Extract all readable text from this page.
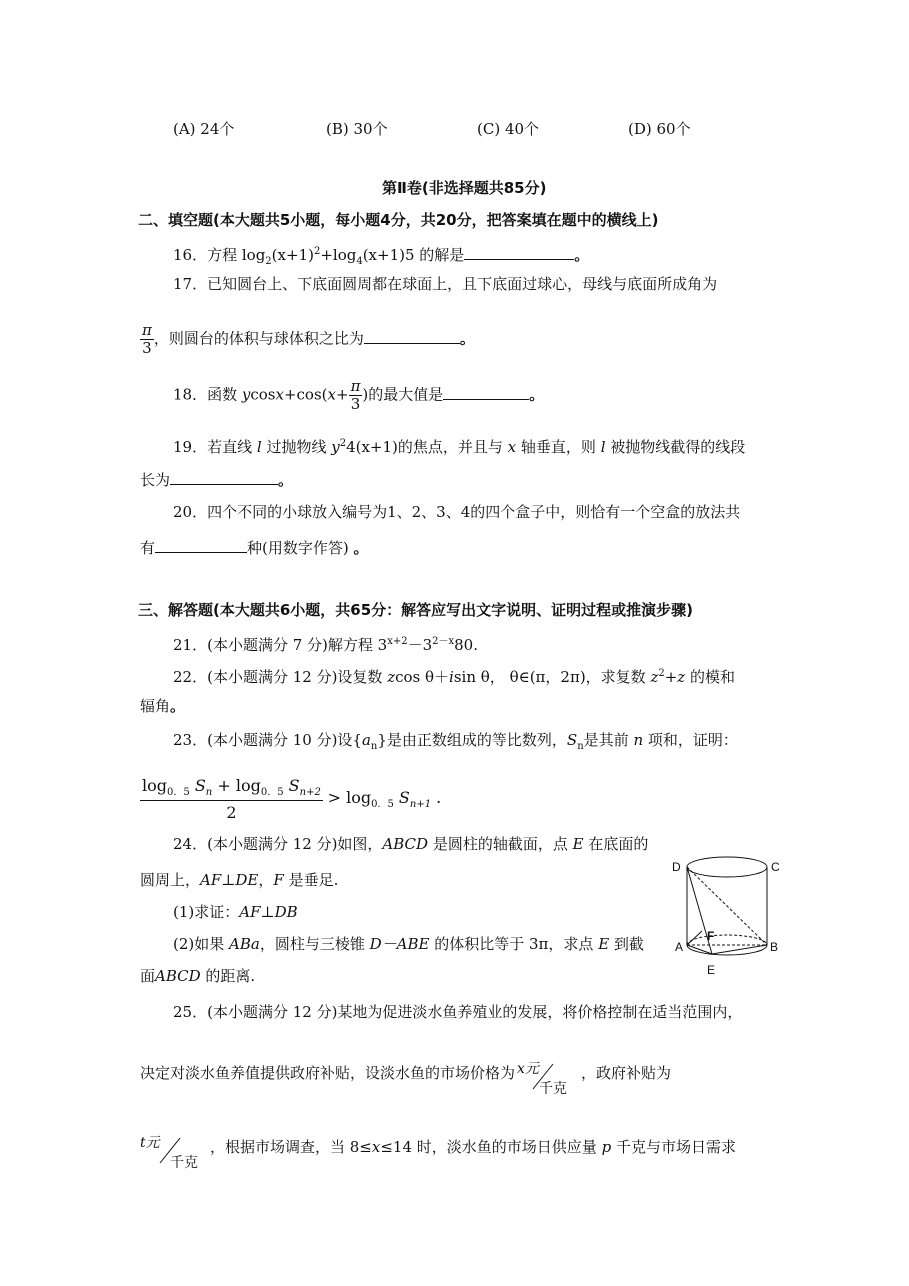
(A) 24个	(B) 30个	(C) 40个	(D) 60个
第Ⅱ卷(非选择题共85分)
二、填空题(本大题共5小题，每小题4分，共20分，把答案填在题中的横线上)
16．方程 $\log_2(x+1)^2+\log_4(x+1)5$ 的解是	。
17．已知圆台上、下底面圆周都在球面上，且下底面过球心，母线与底面所成角为
$\frac{\pi}{3}$ ，则圆台的体积与球体积之比为	。
18．函数 $ycosx+\cos(x+ \frac{\pi}{3}$ )的最大值是	。
19．若直线 l 过抛物线 $y^24(x+1)$的焦点，并且与 x 轴垂直，则 l 被抛物线截得的线段
长为	。
20．四个不同的小球放入编号为1、2、3、4的四个盒子中，则恰有一个空盒的放法共
有	种(用数字作答) 。
三、解答题(本大题共6小题，共65分：解答应写出文字说明、证明过程或推演步骤)
21．(本小题满分 7 分)解方程 $3^{x+2}-3^{2-x}80$.
22．(本小题满分 12 分)设复数 zcos θ＋isin θ， θ∈(π，2π)，求复数 $z^2+z$ 的模和
辐角。
23．(本小题满分 10 分)设$\{a_n\}$是由正数组成的等比数列，$S_n$是其前 n 项和，证明：
$\frac{\log_{0.5} S_n + \log_{0.5} S_{n+2}}{2} > \log_{0.5} S_{n+1}$ .
24．(本小题满分 12 分)如图，ABCD 是圆柱的轴截面，点 E 在底面的
圆周上，AF⊥DE，F 是垂足.
(1)求证：AF⊥DB
(2)如果 ABa，圆柱与三棱锥 D－ABE 的体积比等于 3π，求点 E 到截
面ABCD 的距离.
D	C
A	B
F
E
25．(本小题满分 12 分)某地为促进淡水鱼养殖业的发展，将价格控制在适当范围内，
决定对淡水鱼养值提供政府补贴，设淡水鱼的市场价格为 x元
千克
，政府补贴为
t元
千克
，根据市场调查，当 8≤x≤14 时，淡水鱼的市场日供应量 p 千克与市场日需求
